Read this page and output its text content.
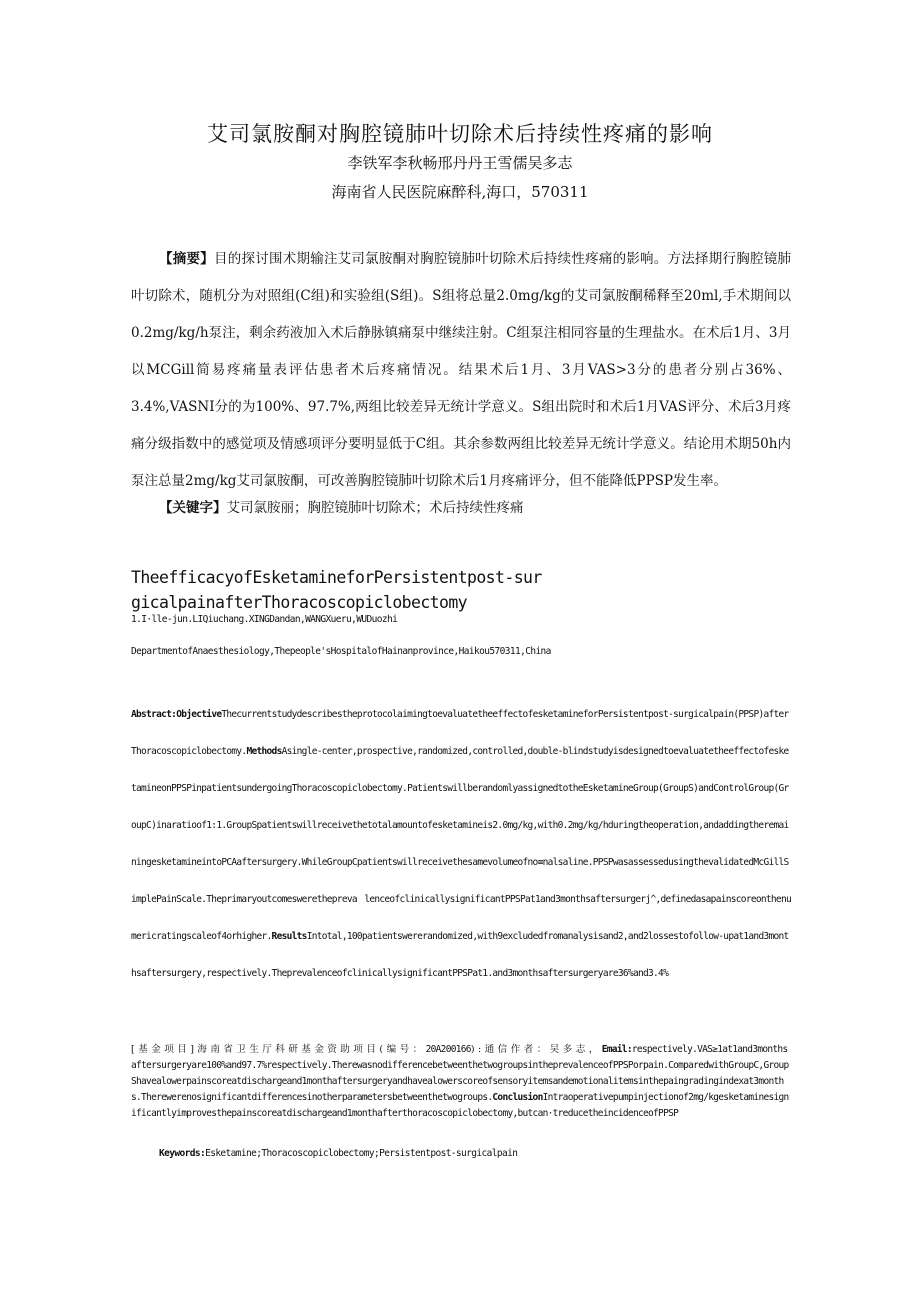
艾司氯胺酮对胸腔镜肺叶切除术后持续性疼痛的影响
李铁军李秋畅邢丹丹王雪儒吴多志
海南省人民医院麻醉科,海口，570311

【摘要】目的探讨围术期输注艾司氯胺酮对胸腔镜肺叶切除术后持续性疼痛的影响。方法择期行胸腔镜肺叶切除术，随机分为对照组(C组)和实验组(S组)。S组将总量2.0mg/kg的艾司氯胺酮稀释至20ml,手术期间以0.2mg/kg/h泵注，剩余药液加入术后静脉镇痛泵中继续注射。C组泵注相同容量的生理盐水。在术后1月、3月以MCGill简易疼痛量表评估患者术后疼痛情况。结果术后1月、3月VAS>3分的患者分别占36%、3.4%,VASNI分的为100%、97.7%,两组比较差异无统计学意义。S组出院时和术后1月VAS评分、术后3月疼痛分级指数中的感觉项及情感项评分要明显低于C组。其余参数两组比较差异无统计学意义。结论用术期50h内泵注总量2mg/kg艾司氯胺酮，可改善胸腔镜肺叶切除术后1月疼痛评分，但不能降低PPSP发生率。

【关键字】艾司氯胺丽；胸腔镜肺叶切除术；术后持续性疼痛

TheefficacyofEsketamineforPersistentpost-surgicalpainafterThoracoscopiclobectomy

1.I·lle-jun.LIQiuchang.XINGDandan,WANGXueru,WUDuozhi
DepartmentofAnaesthesiology,Thepeople'sHospitalofHainanprovince,Haikou570311,China

Abstract:ObjectiveThecurrentstudydescribestheprotocolaimingtoevaluatetheeffectofesketamineforPersistentpost-surgicalpain(PPSP)afterThoracoscopiclobectomy.MethodsAsingle-center,prospective,randomized,controlled,double-blindstudyisdesignedtoevaluatetheeffectofesketamineonPPSPinpatientsundergoingThoracoscopiclobectomy.PatientswillberandomlyassignedtotheEsketamineGroup(GroupS)andControlGroup(GroupC)inaratioof1:1.GroupSpatientswillreceivethetotalamountofesketamineis2.0mg/kg,with0.2mg/kg/hduringtheoperation,andaddingtheremainingesketamineintoPCAaftersurgery.WhileGroupCpatientswillreceivethesamevolumeofno≡nalsaline.PPSPwasassessedusingthevalidatedMcGillSimplePainScale.Theprimaryoutcomeswerethepreva lenceofclinicallysignificantPPSPat1and3monthsaftersurgerj^,definedasapainscoreonthenumericratingscaleof4orhigher.ResultsIntotal,100patientswererandomized,with9excludedfromanalysisand2,and2lossestofollow-upat1and3monthsaftersurgery,respectively.TheprevalenceofclinicallysignificantPPSPat1.and3monthsaftersurgeryare36%and3.4%

[基金项目]海南省卫生厅科研基金资助项目(编号：20A200166):通信作者：吴多志，Email:respectively.VAS≥1at1and3monthsaftersurgeryare100%and97.7%respectively.TherewasnodifferencebetweenthetwogroupsintheprevalenceofPPSPorpain.ComparedwithGroupC,GroupShavealowerpainscoreatdischargeand1monthaftersurgeryandhavealowerscoreofsensoryitemsandemotionalitemsinthepaingradingindexat3months.Therewerenosignificantdifferencesinotherparametersbetweenthetwogroups.ConclusionIntraoperativepumpinjectionof2mg/kgesketaminesignificantlyimprovesthepainscoreatdischargeand1monthafterthoracoscopiclobectomy,butcan·treducetheincidenceofPPSP

Keywords:Esketamine;Thoracoscopiclobectomy;Persistentpost-surgicalpain
